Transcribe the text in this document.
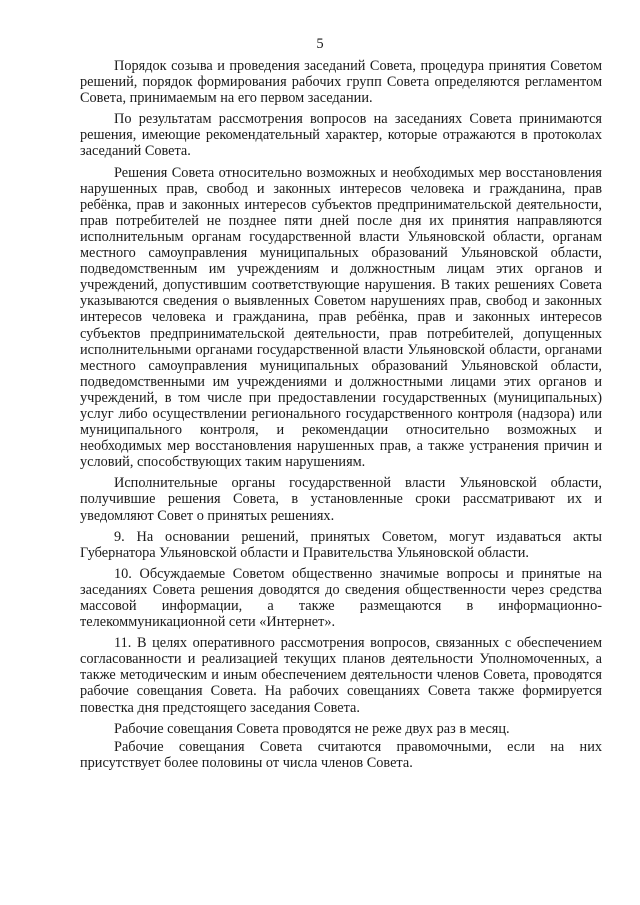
5

Порядок созыва и проведения заседаний Совета, процедура принятия Советом решений, порядок формирования рабочих групп Совета определяются регламентом Совета, принимаемым на его первом заседании.

По результатам рассмотрения вопросов на заседаниях Совета принимаются решения, имеющие рекомендательный характер, которые отражаются в протоколах заседаний Совета.

Решения Совета относительно возможных и необходимых мер восстановления нарушенных прав, свобод и законных интересов человека и гражданина, прав ребёнка, прав и законных интересов субъектов предпринимательской деятельности, прав потребителей не позднее пяти дней после дня их принятия направляются исполнительным органам государственной власти Ульяновской области, органам местного самоуправления муниципальных образований Ульяновской области, подведомственным им учреждениям и должностным лицам этих органов и учреждений, допустившим соответствующие нарушения. В таких решениях Совета указываются сведения о выявленных Советом нарушениях прав, свобод и законных интересов человека и гражданина, прав ребёнка, прав и законных интересов субъектов предпринимательской деятельности, прав потребителей, допущенных исполнительными органами государственной власти Ульяновской области, органами местного самоуправления муниципальных образований Ульяновской области, подведомственными им учреждениями и должностными лицами этих органов и учреждений, в том числе при предоставлении государственных (муниципальных) услуг либо осуществлении регионального государственного контроля (надзора) или муниципального контроля, и рекомендации относительно возможных и необходимых мер восстановления нарушенных прав, а также устранения причин и условий, способствующих таким нарушениям.

Исполнительные органы государственной власти Ульяновской области, получившие решения Совета, в установленные сроки рассматривают их и уведомляют Совет о принятых решениях.

9. На основании решений, принятых Советом, могут издаваться акты Губернатора Ульяновской области и Правительства Ульяновской области.

10. Обсуждаемые Советом общественно значимые вопросы и принятые на заседаниях Совета решения доводятся до сведения общественности через средства массовой информации, а также размещаются в информационно-телекоммуникационной сети «Интернет».

11. В целях оперативного рассмотрения вопросов, связанных с обеспечением согласованности и реализацией текущих планов деятельности Уполномоченных, а также методическим и иным обеспечением деятельности членов Совета, проводятся рабочие совещания Совета. На рабочих совещаниях Совета также формируется повестка дня предстоящего заседания Совета.

Рабочие совещания Совета проводятся не реже двух раз в месяц.

Рабочие совещания Совета считаются правомочными, если на них присутствует более половины от числа членов Совета.
